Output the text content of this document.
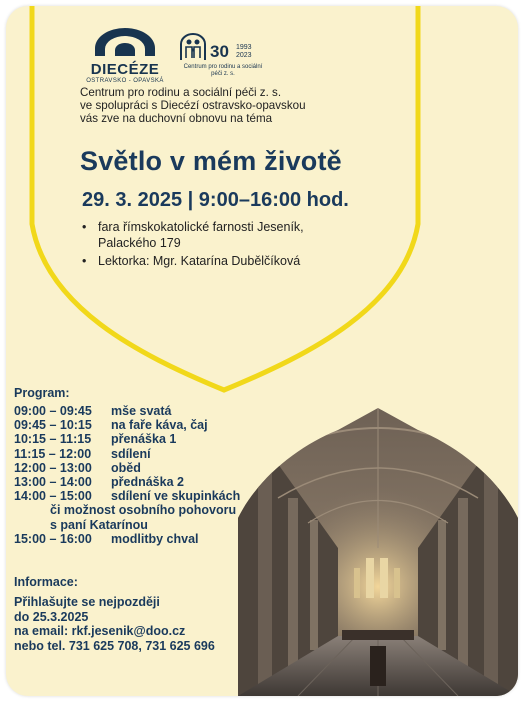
DIECÉZE
OSTRAVSKO - OPAVSKÁ
30 1993
2023
Centrum pro rodinu a sociální péči z. s.
Centrum pro rodinu a sociální péči z. s.
ve spolupráci s Diecézí ostravsko-opavskou
vás zve na duchovní obnovu na téma
Světlo v mém životě
29. 3. 2025 | 9:00–16:00 hod.
• fara římskokatolické farnosti Jeseník,
Palackého 179
• Lektorka: Mgr. Katarína Dubělčíková
Program:
09:00 – 09:45 mše svatá
09:45 – 10:15 na faře káva, čaj
10:15 – 11:15 přenáška 1
11:15 – 12:00 sdílení
12:00 – 13:00 oběd
13:00 – 14:00 přednáška 2
14:00 – 15:00 sdílení ve skupinkách
či možnost osobního pohovoru
s paní Katarínou
15:00 – 16:00 modlitby chval
Informace:
Přihlašujte se nejpozději
do 25.3.2025
na email: rkf.jesenik@doo.cz
nebo tel. 731 625 708, 731 625 696
